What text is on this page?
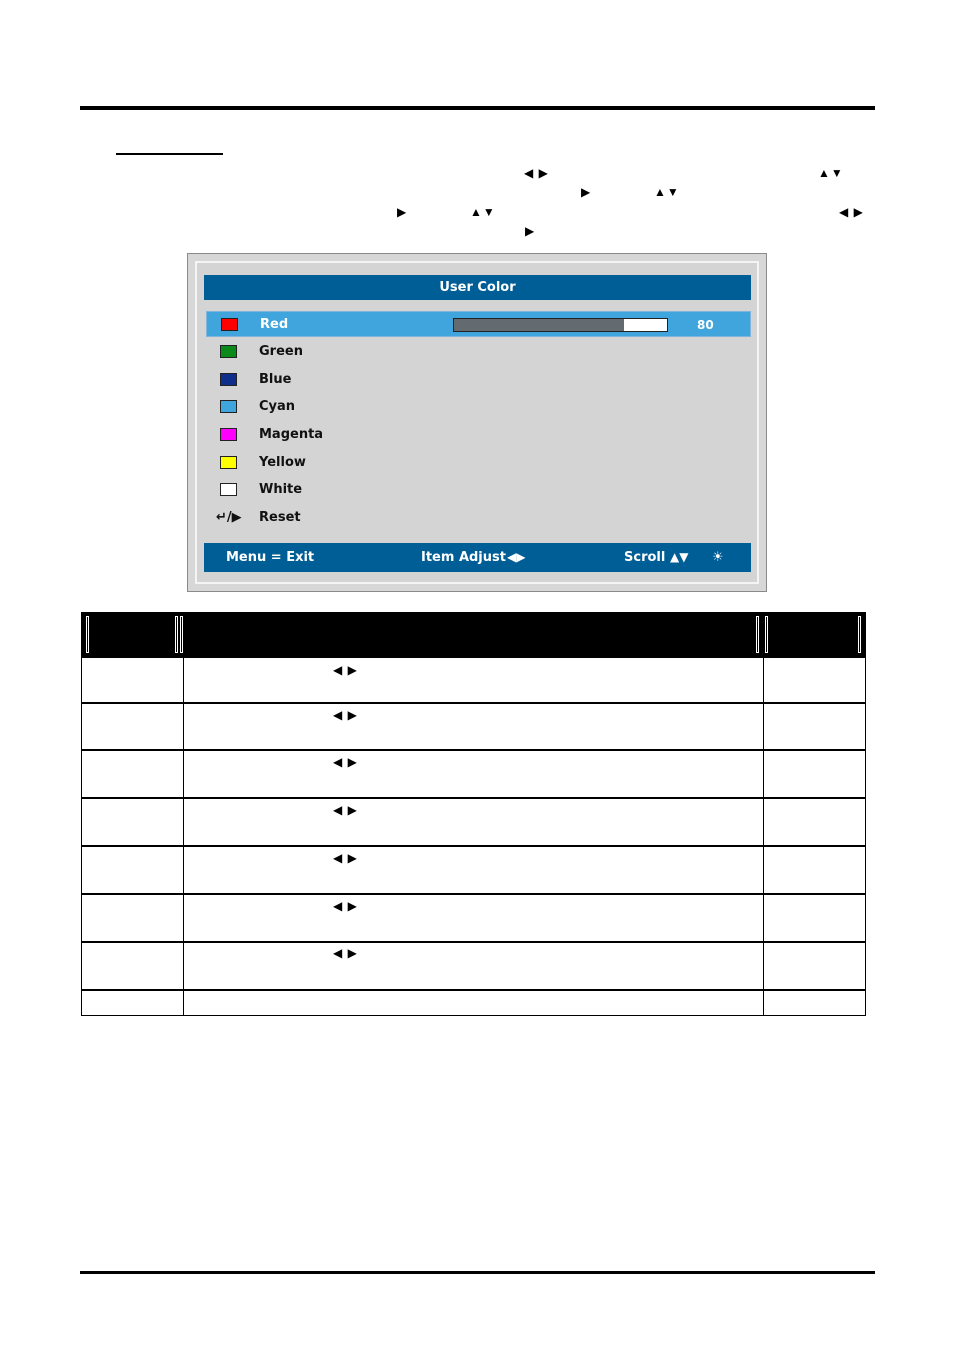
◀ ▶	▲▼
▶	▲▼
▶	▲▼	◀ ▶
▶
User Color
Red	80
Green
Blue
Cyan
Magenta
Yellow
White
↵/▶ Reset
Menu = Exit	Item Adjust ◀▶	Scroll ▲▼ ☀
◀ ▶
◀ ▶
◀ ▶
◀ ▶
◀ ▶
◀ ▶
◀ ▶
